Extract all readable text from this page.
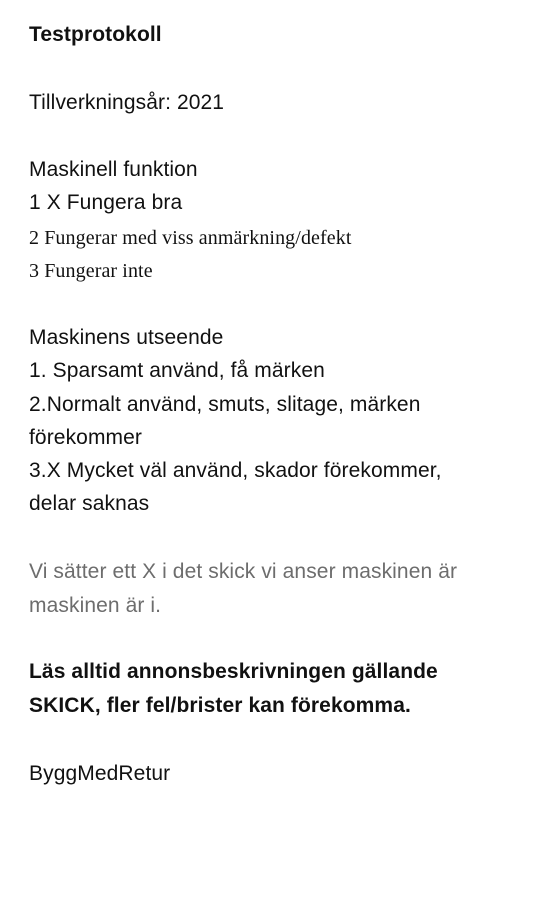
Testprotokoll
Tillverkningsår: 2021
Maskinell funktion
1 X Fungera bra
2 Fungerar med viss anmärkning/defekt
3 Fungerar inte
Maskinens utseende
1. Sparsamt använd, få märken
2.Normalt använd, smuts, slitage, märken
förekommer
3.X Mycket väl använd, skador förekommer,
delar saknas
Vi sätter ett X i det skick vi anser maskinen är
maskinen är i.
Läs alltid annonsbeskrivningen gällande
SKICK, fler fel/brister kan förekomma.
ByggMedRetur
